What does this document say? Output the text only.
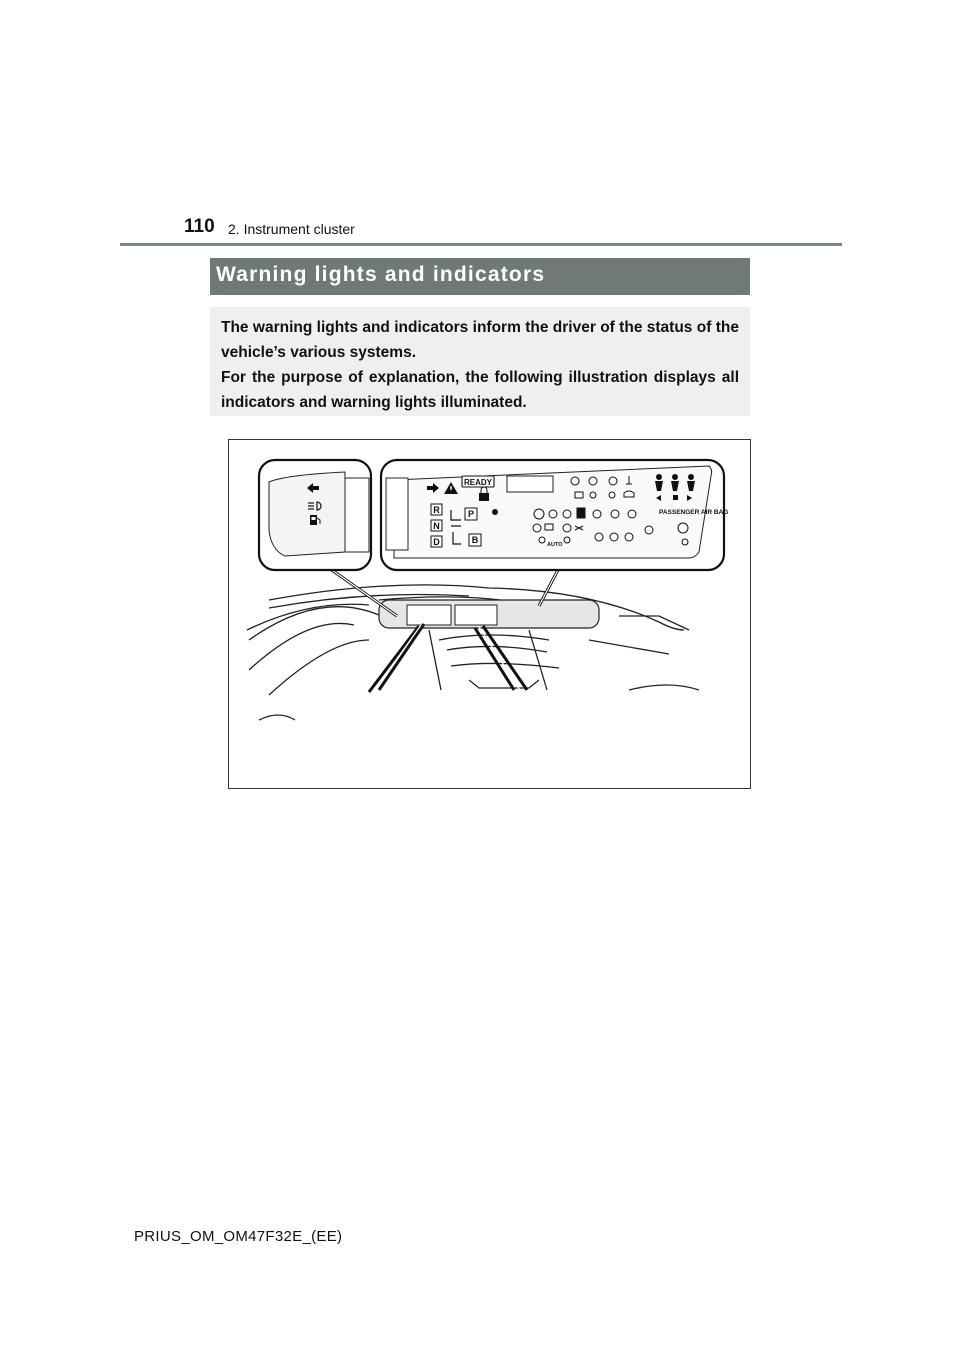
110 2. Instrument cluster
Warning lights and indicators

The warning lights and indicators inform the driver of the status of the vehicle’s various systems.

For the purpose of explanation, the following illustration displays all indicators and warning lights illuminated.

READY
R
N
D
P
B
PASSENGER AIR BAG
AUTO
PRIUS_OM_OM47F32E_(EE)
